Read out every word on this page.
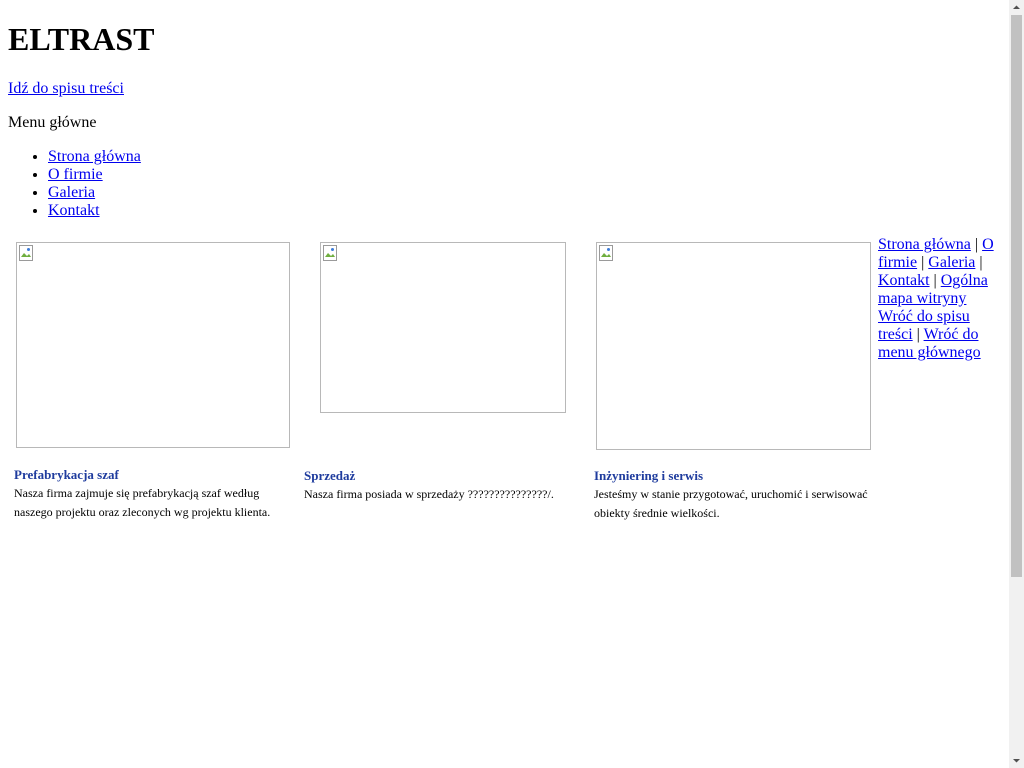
ELTRAST
Idź do spisu treści
Menu główne
• Strona główna
• O firmie
• Galeria
• Kontakt
Prefabrykacja szaf

Nasza firma zajmuje się prefabrykacją szaf według naszego projektu oraz zleconych wg projektu klienta.

Sprzedaż

Nasza firma posiada w sprzedaży ???????????????/.

Inżyniering i serwis

Jesteśmy w stanie przygotować, uruchomić i serwisować obiekty średnie wielkości.

Strona główna | O firmie | Galeria | Kontakt | Ogólna mapa witryny Wróć do spisu treści | Wróć do menu głównego
